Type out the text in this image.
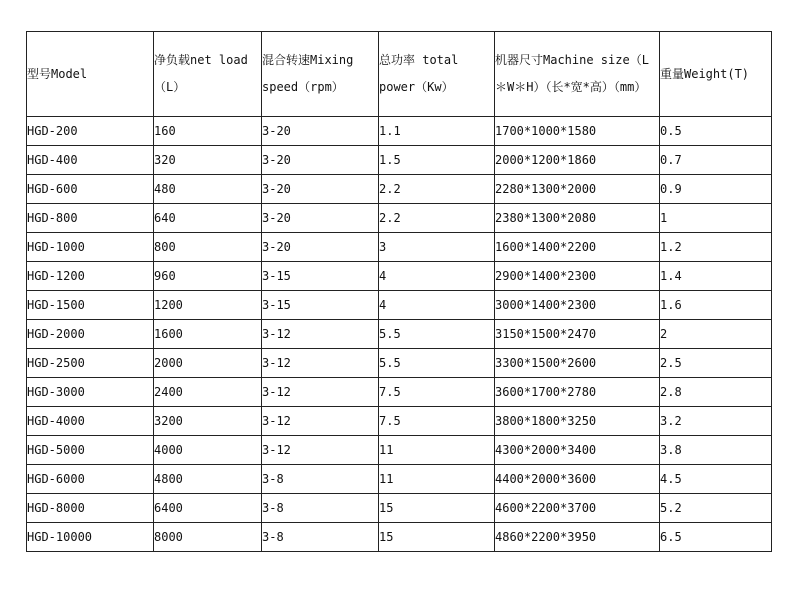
型号Model	净负载net load（L）	混合转速Mixing speed（rpm）	总功率 total power（Kw）	机器尺寸Machine size（L＊W＊H）（长*宽*高）（mm）	重量Weight(T)
HGD-200	160	3-20	1.1	1700*1000*1580	0.5
HGD-400	320	3-20	1.5	2000*1200*1860	0.7
HGD-600	480	3-20	2.2	2280*1300*2000	0.9
HGD-800	640	3-20	2.2	2380*1300*2080	1
HGD-1000	800	3-20	3	1600*1400*2200	1.2
HGD-1200	960	3-15	4	2900*1400*2300	1.4
HGD-1500	1200	3-15	4	3000*1400*2300	1.6
HGD-2000	1600	3-12	5.5	3150*1500*2470	2
HGD-2500	2000	3-12	5.5	3300*1500*2600	2.5
HGD-3000	2400	3-12	7.5	3600*1700*2780	2.8
HGD-4000	3200	3-12	7.5	3800*1800*3250	3.2
HGD-5000	4000	3-12	11	4300*2000*3400	3.8
HGD-6000	4800	3-8	11	4400*2000*3600	4.5
HGD-8000	6400	3-8	15	4600*2200*3700	5.2
HGD-10000	8000	3-8	15	4860*2200*3950	6.5
